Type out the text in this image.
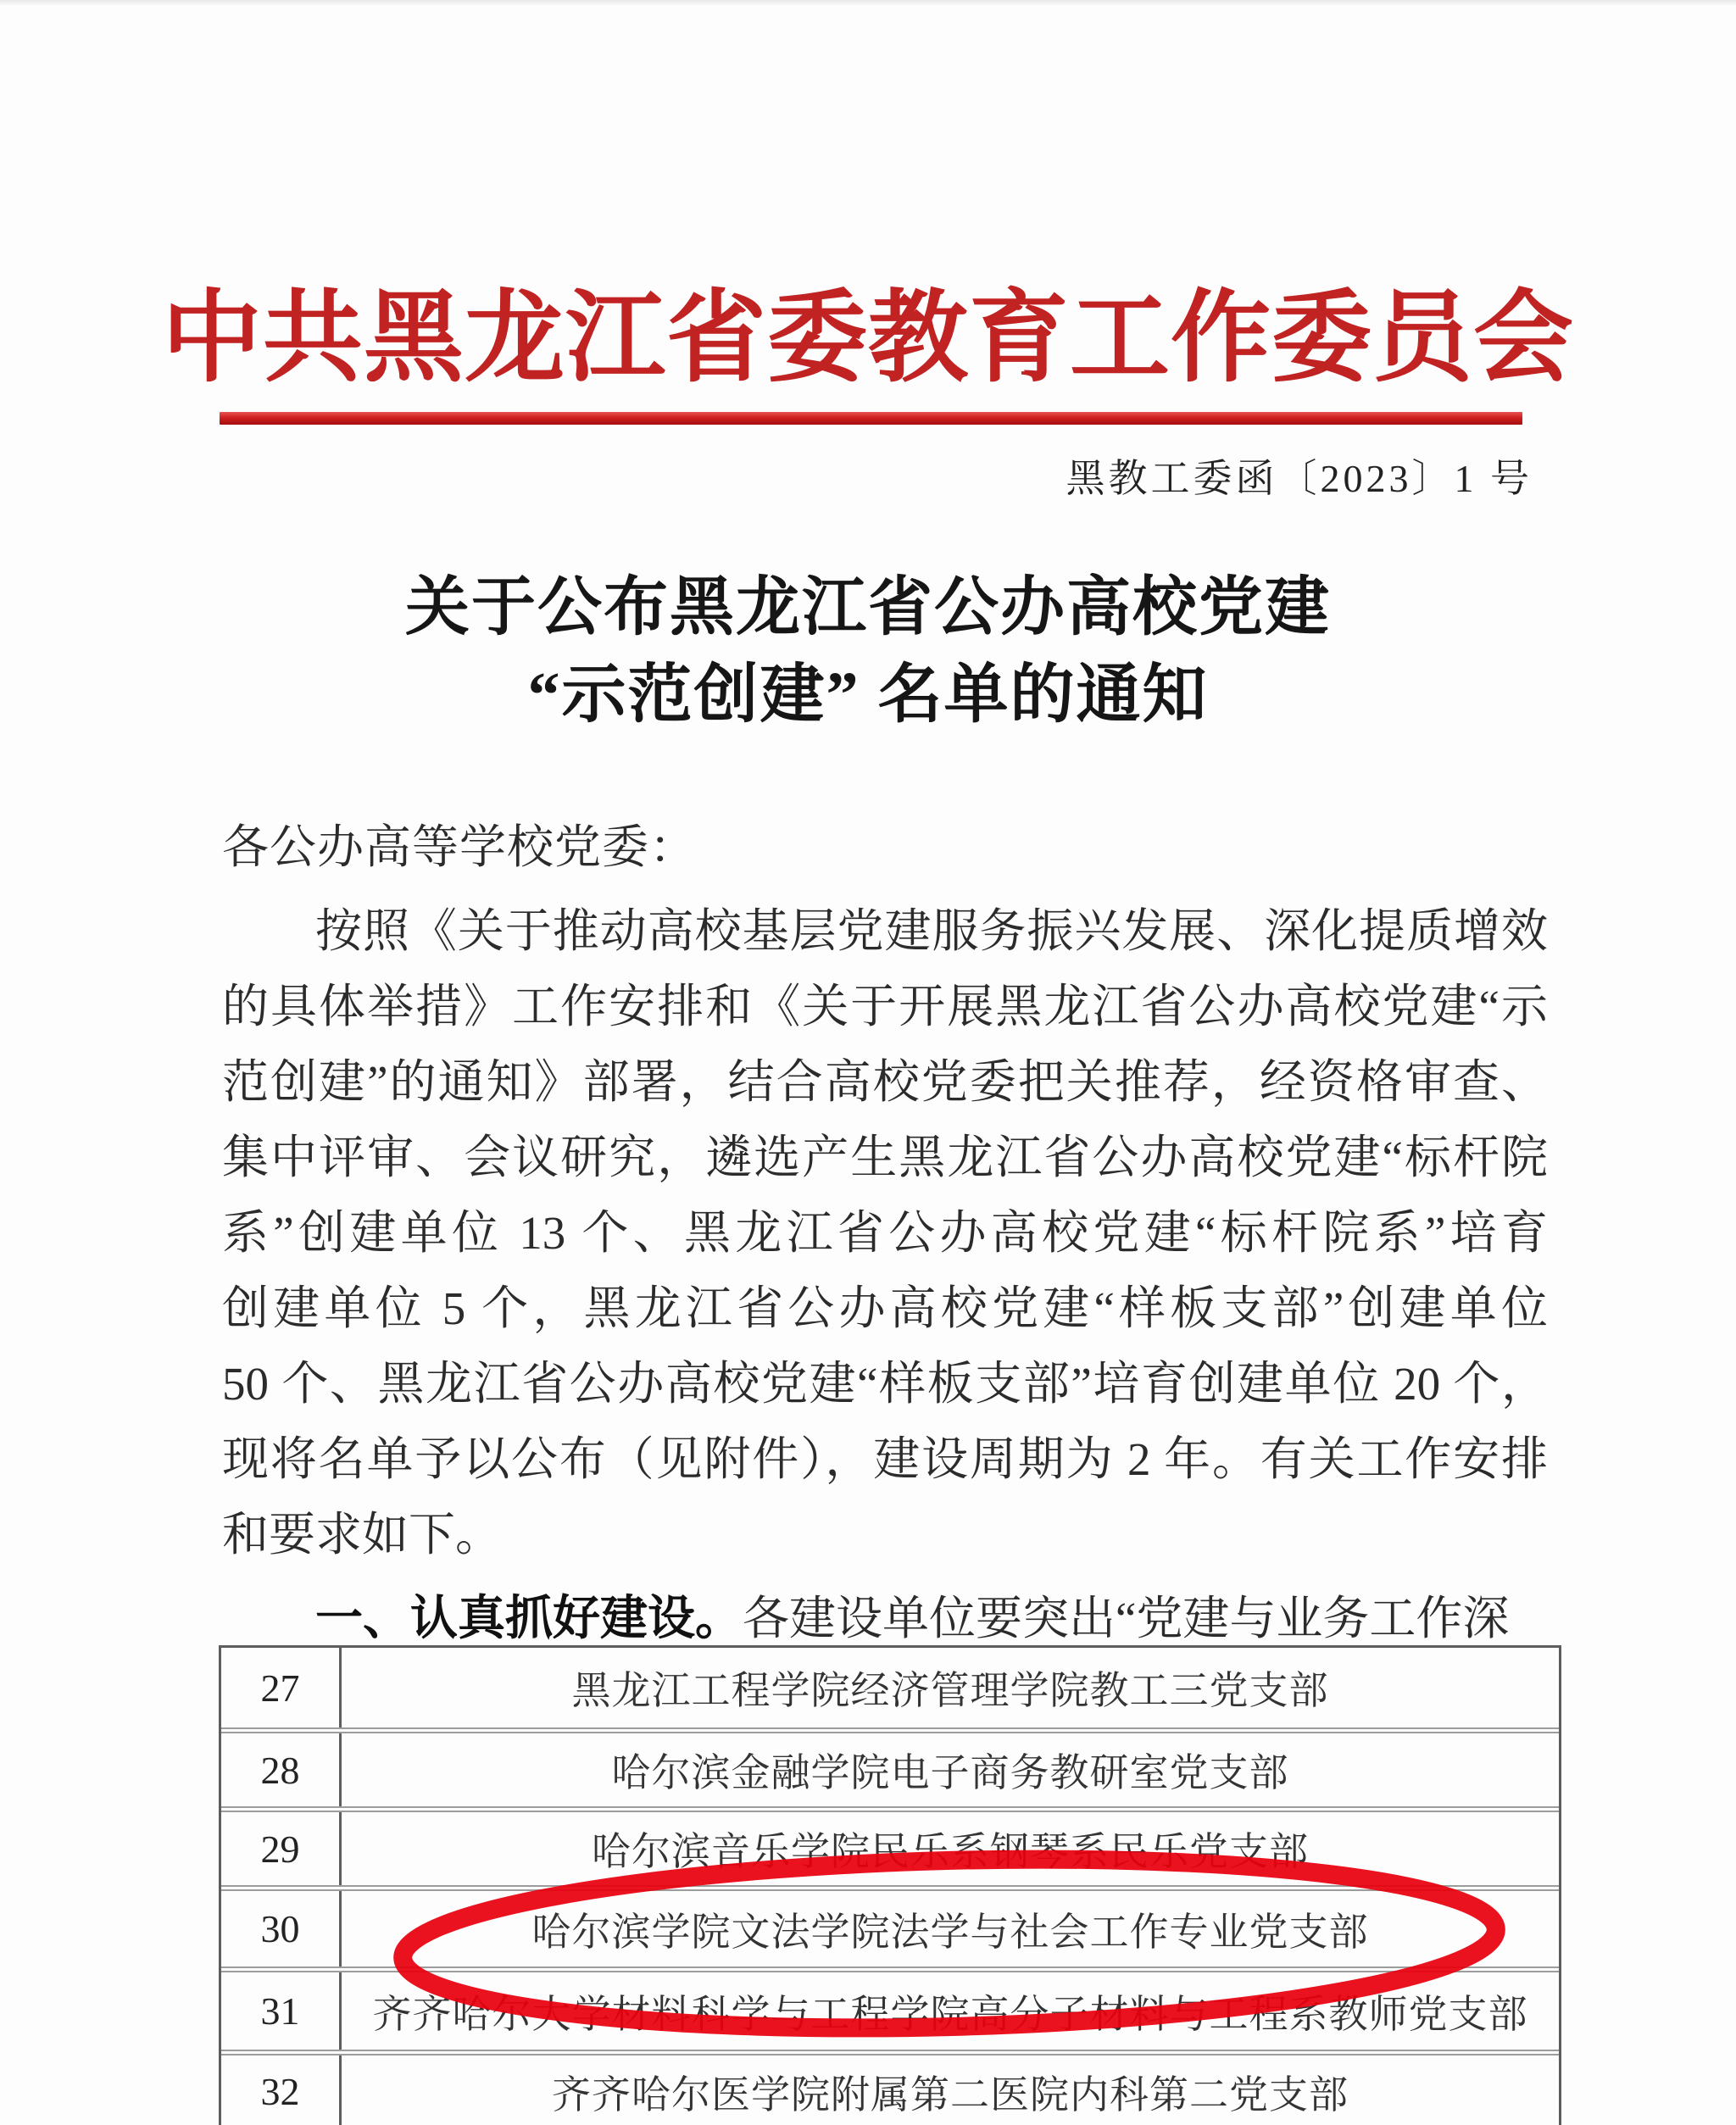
中共黑龙江省委教育工作委员会
黑教工委函〔2023〕1 号
关于公布黑龙江省公办高校党建
“示范创建” 名单的通知
各公办高等学校党委：
按照《关于推动高校基层党建服务振兴发展、深化提质增效
的具体举措》工作安排和《关于开展黑龙江省公办高校党建“示
范创建”的通知》部署，结合高校党委把关推荐，经资格审查、
集中评审、会议研究，遴选产生黑龙江省公办高校党建“标杆院
系”创建单位 13 个、黑龙江省公办高校党建“标杆院系”培育
创建单位 5 个，黑龙江省公办高校党建“样板支部”创建单位
50 个、黑龙江省公办高校党建“样板支部”培育创建单位 20 个，
现将名单予以公布（见附件），建设周期为 2 年。有关工作安排
和要求如下。
一、认真抓好建设。各建设单位要突出“党建与业务工作深
27	黑龙江工程学院经济管理学院教工三党支部
28	哈尔滨金融学院电子商务教研室党支部
29	哈尔滨音乐学院民乐系钢琴系民乐党支部
30	哈尔滨学院文法学院法学与社会工作专业党支部
31	齐齐哈尔大学材料科学与工程学院高分子材料与工程系教师党支部
32	齐齐哈尔医学院附属第二医院内科第二党支部
